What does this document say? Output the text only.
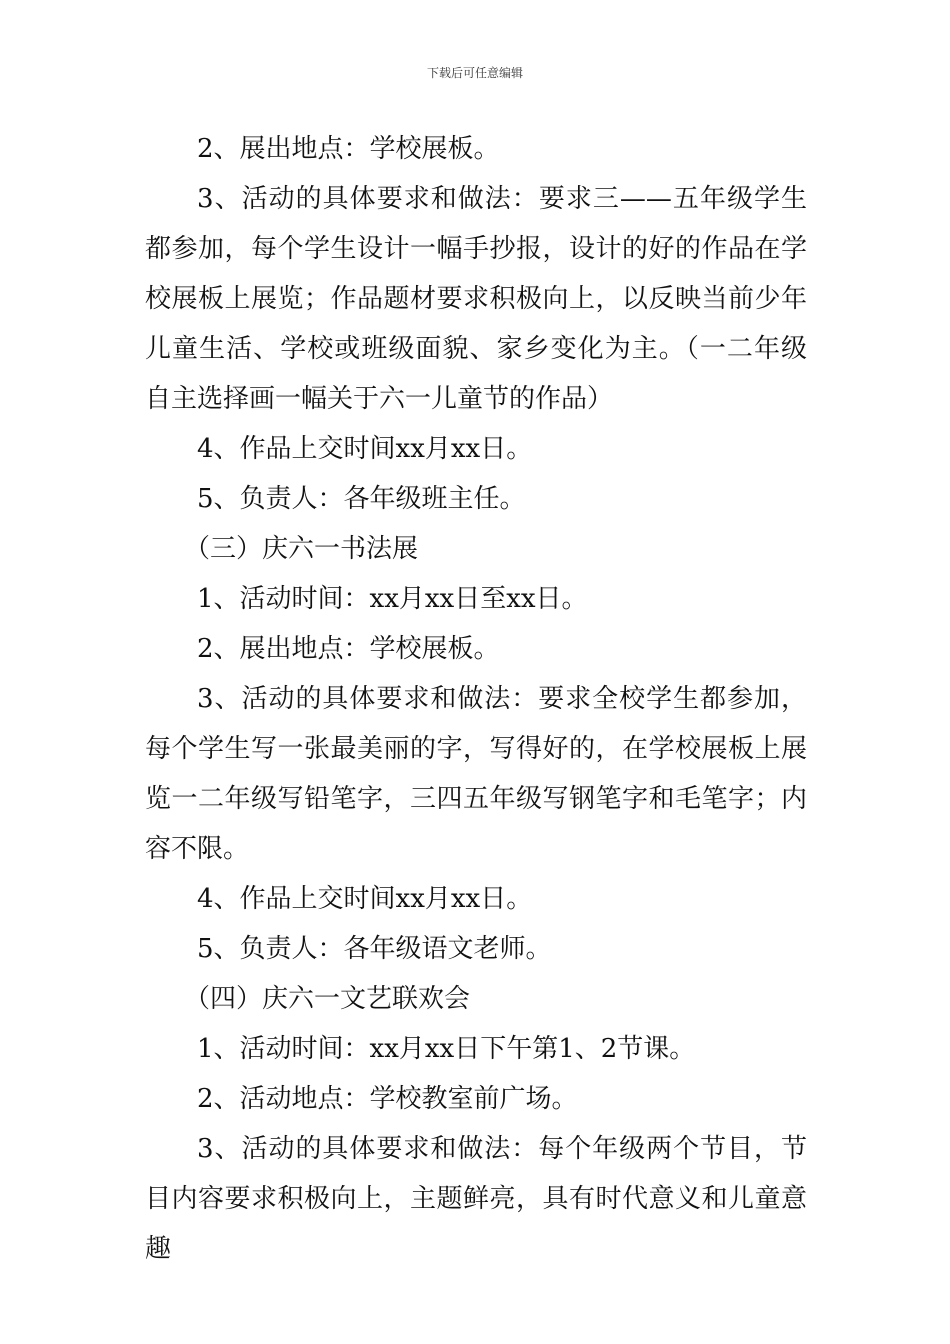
下载后可任意编辑

2、展出地点：学校展板。

3、活动的具体要求和做法：要求三——五年级学生都参加，每个学生设计一幅手抄报，设计的好的作品在学校展板上展览；作品题材要求积极向上，以反映当前少年儿童生活、学校或班级面貌、家乡变化为主。（一二年级自主选择画一幅关于六一儿童节的作品）

4、作品上交时间xx月xx日。

5、负责人：各年级班主任。

（三）庆六一书法展

1、活动时间：xx月xx日至xx日。

2、展出地点：学校展板。

3、活动的具体要求和做法：要求全校学生都参加，每个学生写一张最美丽的字，写得好的，在学校展板上展览一二年级写铅笔字，三四五年级写钢笔字和毛笔字；内容不限。

4、作品上交时间xx月xx日。

5、负责人：各年级语文老师。

（四）庆六一文艺联欢会

1、活动时间：xx月xx日下午第1、2节课。

2、活动地点：学校教室前广场。

3、活动的具体要求和做法：每个年级两个节目，节目内容要求积极向上，主题鲜亮，具有时代意义和儿童意趣
